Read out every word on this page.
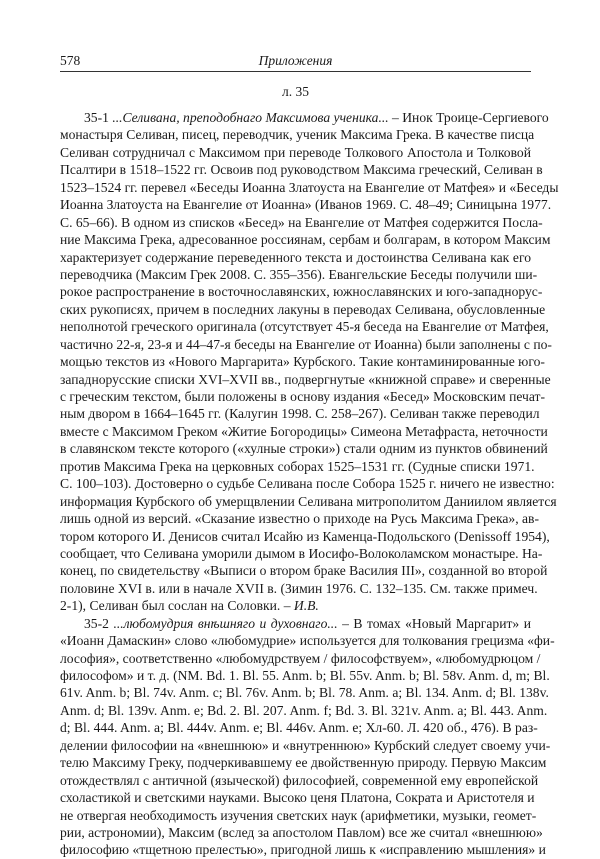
578	Приложения
л. 35
35-1 ...Селивана, преподобнаго Максимова ученика... – Инок Троице-Сергиевого
монастыря Селиван, писец, переводчик, ученик Максима Грека. В качестве писца
Селиван сотрудничал с Максимом при переводе Толкового Апостола и Толковой
Псалтири в 1518–1522 гг. Освоив под руководством Максима греческий, Селиван в
1523–1524 гг. перевел «Беседы Иоанна Златоуста на Евангелие от Матфея» и «Беседы
Иоанна Златоуста на Евангелие от Иоанна» (Иванов 1969. С. 48–49; Синицына 1977.
С. 65–66). В одном из списков «Бесед» на Евангелие от Матфея содержится Посла-
ние Максима Грека, адресованное россиянам, сербам и болгарам, в котором Максим
характеризует содержание переведенного текста и достоинства Селивана как его
переводчика (Максим Грек 2008. С. 355–356). Евангельские Беседы получили ши-
рокое распространение в восточнославянских, южнославянских и юго-западнорус-
ских рукописях, причем в последних лакуны в переводах Селивана, обусловленные
неполнотой греческого оригинала (отсутствует 45-я беседа на Евангелие от Матфея,
частично 22-я, 23-я и 44–47-я беседы на Евангелие от Иоанна) были заполнены с по-
мощью текстов из «Нового Маргарита» Курбского. Такие контаминированные юго-
западнорусские списки XVI–XVII вв., подвергнутые «книжной справе» и сверенные
с греческим текстом, были положены в основу издания «Бесед» Московским печат-
ным двором в 1664–1645 гг. (Калугин 1998. С. 258–267). Селиван также переводил
вместе с Максимом Греком «Житие Богородицы» Симеона Метафраста, неточности
в славянском тексте которого («хулные строки») стали одним из пунктов обвинений
против Максима Грека на церковных соборах 1525–1531 гг. (Судные списки 1971.
С. 100–103). Достоверно о судьбе Селивана после Собора 1525 г. ничего не известно:
информация Курбского об умерщвлении Селивана митрополитом Даниилом является
лишь одной из версий. «Сказание известно о приходе на Русь Максима Грека», ав-
тором которого И. Денисов считал Исайю из Каменца-Подольского (Denissoff 1954),
сообщает, что Селивана уморили дымом в Иосифо-Волоколамском монастыре. На-
конец, по свидетельству «Выписи о втором браке Василия III», созданной во второй
половине XVI в. или в начале XVII в. (Зимин 1976. С. 132–135. См. также примеч.
2-1), Селиван был сослан на Соловки. – И.В.
35-2 ...любомудрия внѣшняго и духовнаго... – В томах «Новый Маргарит» и
«Иоанн Дамаскин» слово «любомудрие» используется для толкования грецизма «фи-
лософия», соответственно «любомудрствуем / философствуем», «любомудрюцом /
философом» и т. д. (NM. Bd. 1. Bl. 55. Anm. b; Bl. 55v. Anm. b; Bl. 58v. Anm. d, m; Bl.
61v. Anm. b; Bl. 74v. Anm. c; Bl. 76v. Anm. b; Bl. 78. Anm. a; Bl. 134. Anm. d; Bl. 138v.
Anm. d; Bl. 139v. Anm. e; Bd. 2. Bl. 207. Anm. f; Bd. 3. Bl. 321v. Anm. a; Bl. 443. Anm.
d; Bl. 444. Anm. a; Bl. 444v. Anm. e; Bl. 446v. Anm. e; Хл-60. Л. 420 об., 476). В раз-
делении философии на «внешнюю» и «внутреннюю» Курбский следует своему учи-
телю Максиму Греку, подчеркивавшему ее двойственную природу. Первую Максим
отождествлял с античной (языческой) философией, современной ему европейской
схоластикой и светскими науками. Высоко ценя Платона, Сократа и Аристотеля и
не отвергая необходимость изучения светских наук (арифметики, музыки, геомет-
рии, астрономии), Максим (вслед за апостолом Павлом) все же считал «внешнюю»
философию «тщетною прелестью», пригодной лишь к «исправлению мышления» и
